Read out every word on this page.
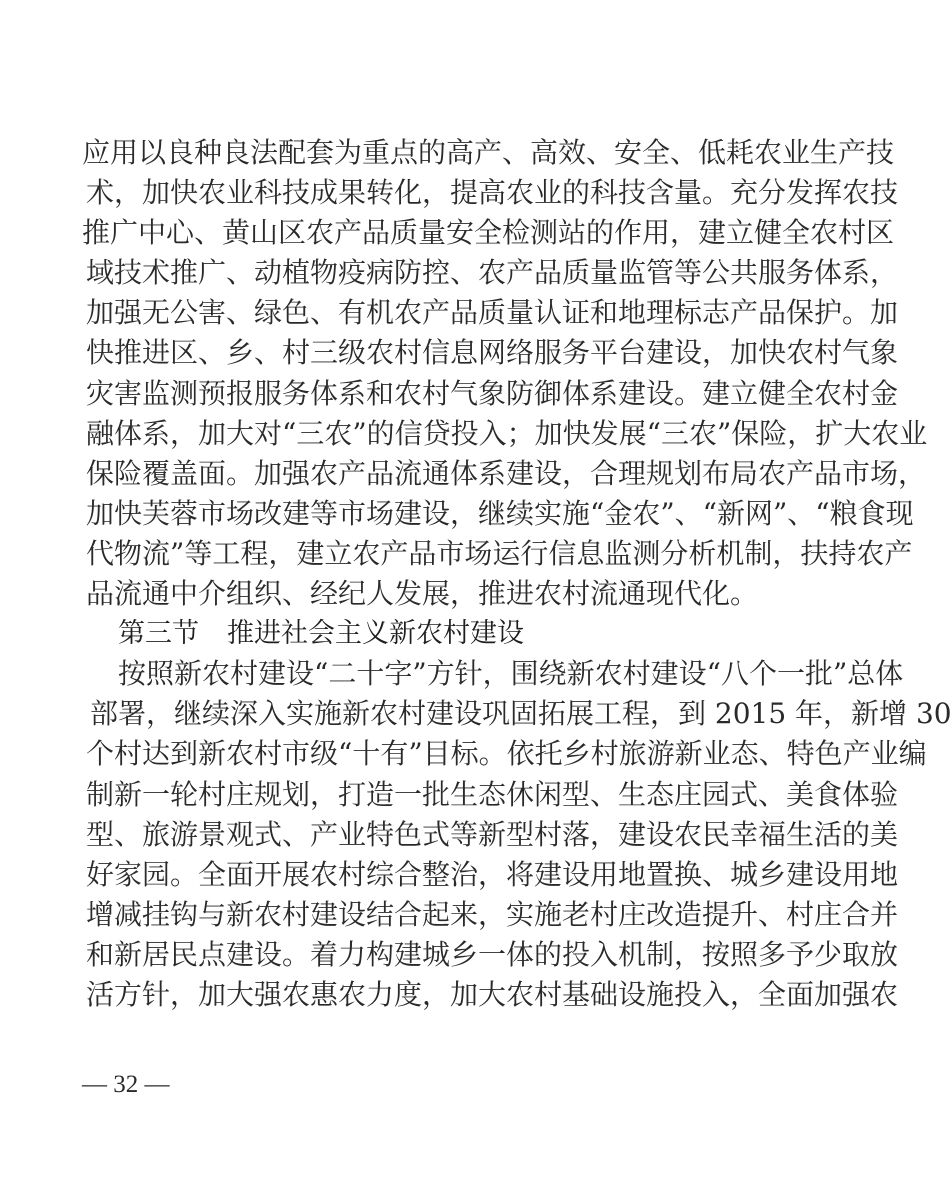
应用以良种良法配套为重点的高产、高效、安全、低耗农业生产技
术，加快农业科技成果转化，提高农业的科技含量。充分发挥农技
推广中心、黄山区农产品质量安全检测站的作用，建立健全农村区
域技术推广、动植物疫病防控、农产品质量监管等公共服务体系，
加强无公害、绿色、有机农产品质量认证和地理标志产品保护。加
快推进区、乡、村三级农村信息网络服务平台建设，加快农村气象
灾害监测预报服务体系和农村气象防御体系建设。建立健全农村金
融体系，加大对“三农”的信贷投入；加快发展“三农”保险，扩大农业
保险覆盖面。加强农产品流通体系建设，合理规划布局农产品市场，
加快芙蓉市场改建等市场建设，继续实施“金农”、“新网”、“粮食现
代物流”等工程，建立农产品市场运行信息监测分析机制，扶持农产
品流通中介组织、经纪人发展，推进农村流通现代化。
第三节 推进社会主义新农村建设
按照新农村建设“二十字”方针，围绕新农村建设“八个一批”总体
部署，继续深入实施新农村建设巩固拓展工程，到 2015 年，新增 30
个村达到新农村市级“十有”目标。依托乡村旅游新业态、特色产业编
制新一轮村庄规划，打造一批生态休闲型、生态庄园式、美食体验
型、旅游景观式、产业特色式等新型村落，建设农民幸福生活的美
好家园。全面开展农村综合整治，将建设用地置换、城乡建设用地
增减挂钩与新农村建设结合起来，实施老村庄改造提升、村庄合并
和新居民点建设。着力构建城乡一体的投入机制，按照多予少取放
活方针，加大强农惠农力度，加大农村基础设施投入，全面加强农
— 32 —
